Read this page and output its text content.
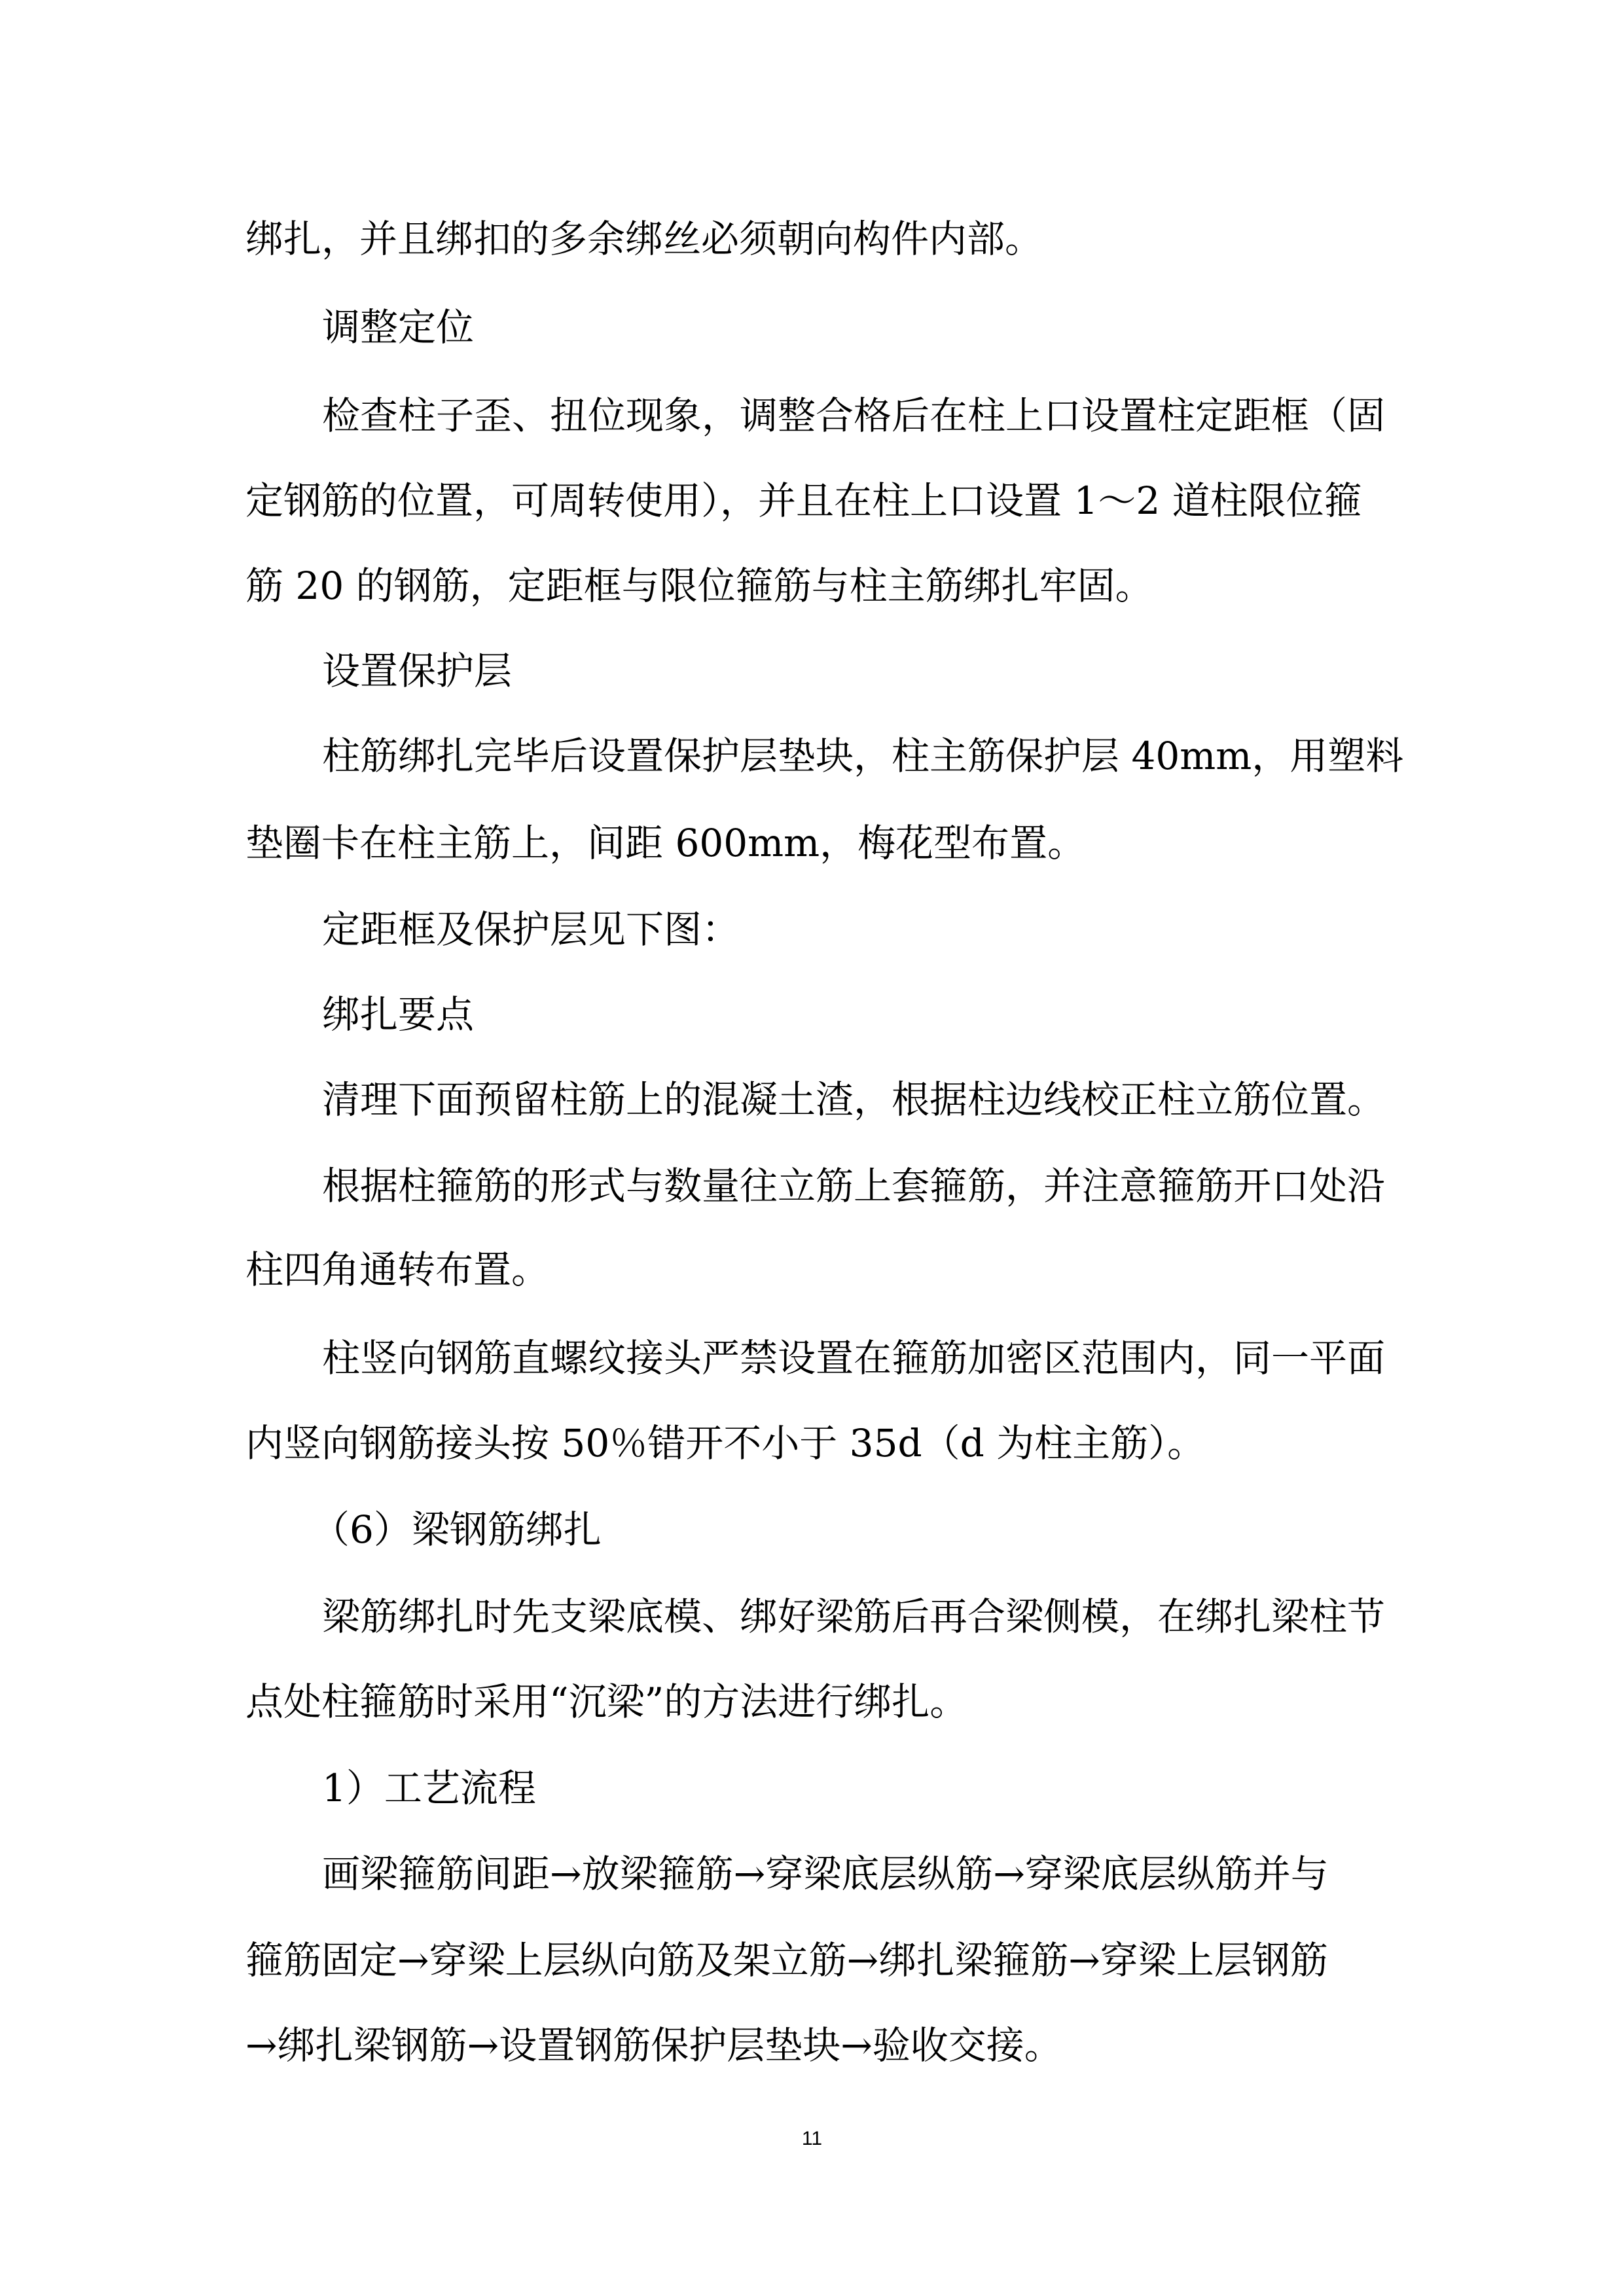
绑扎，并且绑扣的多余绑丝必须朝向构件内部。
调整定位
检查柱子歪、扭位现象，调整合格后在柱上口设置柱定距框（固
定钢筋的位置，可周转使用），并且在柱上口设置 1～2 道柱限位箍
筋 20 的钢筋，定距框与限位箍筋与柱主筋绑扎牢固。
设置保护层
柱筋绑扎完毕后设置保护层垫块，柱主筋保护层 40mm，用塑料
垫圈卡在柱主筋上，间距 600mm，梅花型布置。
定距框及保护层见下图：
绑扎要点
清理下面预留柱筋上的混凝土渣，根据柱边线校正柱立筋位置。
根据柱箍筋的形式与数量往立筋上套箍筋，并注意箍筋开口处沿
柱四角通转布置。
柱竖向钢筋直螺纹接头严禁设置在箍筋加密区范围内，同一平面
内竖向钢筋接头按 50％错开不小于 35d（d 为柱主筋）。
（6）梁钢筋绑扎
梁筋绑扎时先支梁底模、绑好梁筋后再合梁侧模，在绑扎梁柱节
点处柱箍筋时采用“沉梁”的方法进行绑扎。
1）工艺流程
画梁箍筋间距→放梁箍筋→穿梁底层纵筋→穿梁底层纵筋并与
箍筋固定→穿梁上层纵向筋及架立筋→绑扎梁箍筋→穿梁上层钢筋
→绑扎梁钢筋→设置钢筋保护层垫块→验收交接。
11
